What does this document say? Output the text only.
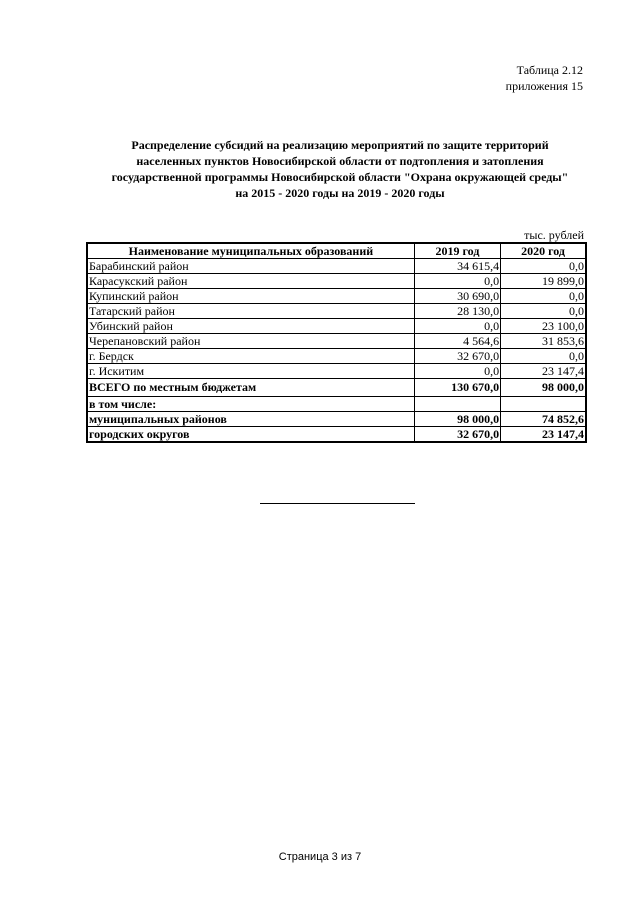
Таблица 2.12
приложения 15
Распределение субсидий на реализацию мероприятий по защите территорий
населенных пунктов Новосибирской области от подтопления и затопления
государственной программы Новосибирской области "Охрана окружающей среды"
на 2015 - 2020 годы на 2019 - 2020 годы
тыс. рублей
Наименование муниципальных образований	2019 год	2020 год
Барабинский район	34 615,4	0,0
Карасукский район	0,0	19 899,0
Купинский район	30 690,0	0,0
Татарский район	28 130,0	0,0
Убинский район	0,0	23 100,0
Черепановский район	4 564,6	31 853,6
г. Бердск	32 670,0	0,0
г. Искитим	0,0	23 147,4
ВСЕГО по местным бюджетам	130 670,0	98 000,0
в том числе:		
муниципальных районов	98 000,0	74 852,6
городских округов	32 670,0	23 147,4
Страница 3 из 7
